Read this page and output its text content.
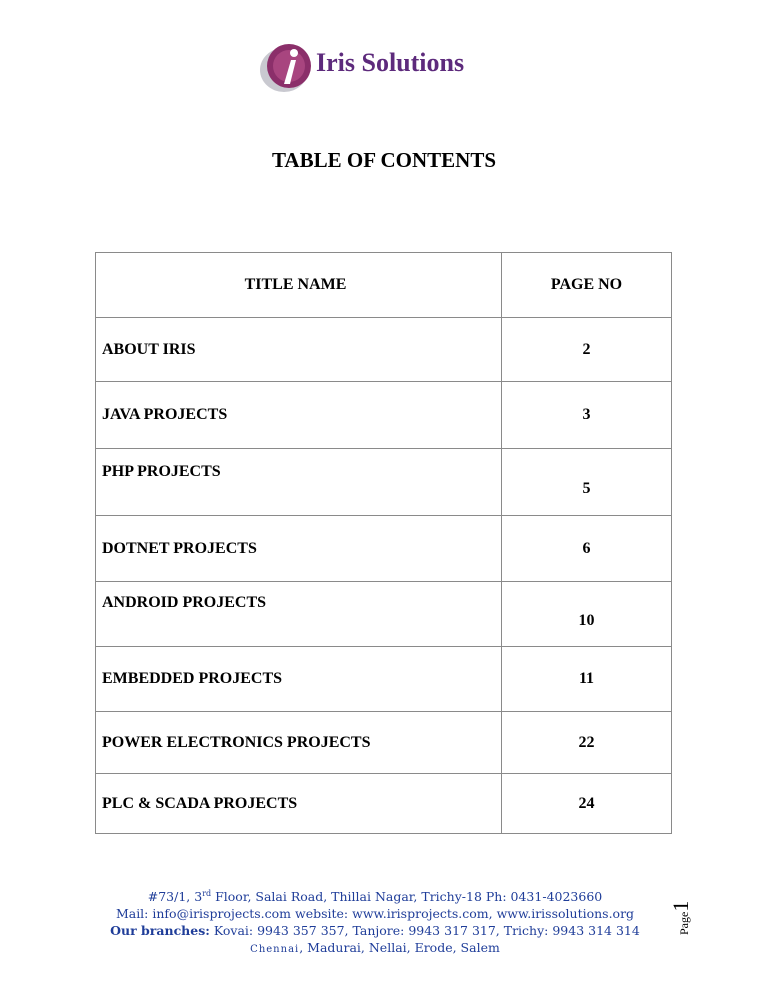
Iris Solutions
TABLE OF CONTENTS
TITLE NAME	PAGE NO
ABOUT IRIS	2
JAVA PROJECTS	3
PHP PROJECTS	5
DOTNET PROJECTS	6
ANDROID PROJECTS	10
EMBEDDED PROJECTS	11
POWER ELECTRONICS PROJECTS	22
PLC & SCADA PROJECTS	24
#73/1, 3rd Floor, Salai Road, Thillai Nagar, Trichy-18 Ph: 0431-4023660
Mail: info@irisprojects.com website: www.irisprojects.com, www.irissolutions.org
Our branches: Kovai: 9943 357 357, Tanjore: 9943 317 317, Trichy: 9943 314 314
Chennai, Madurai, Nellai, Erode, Salem
Page1
